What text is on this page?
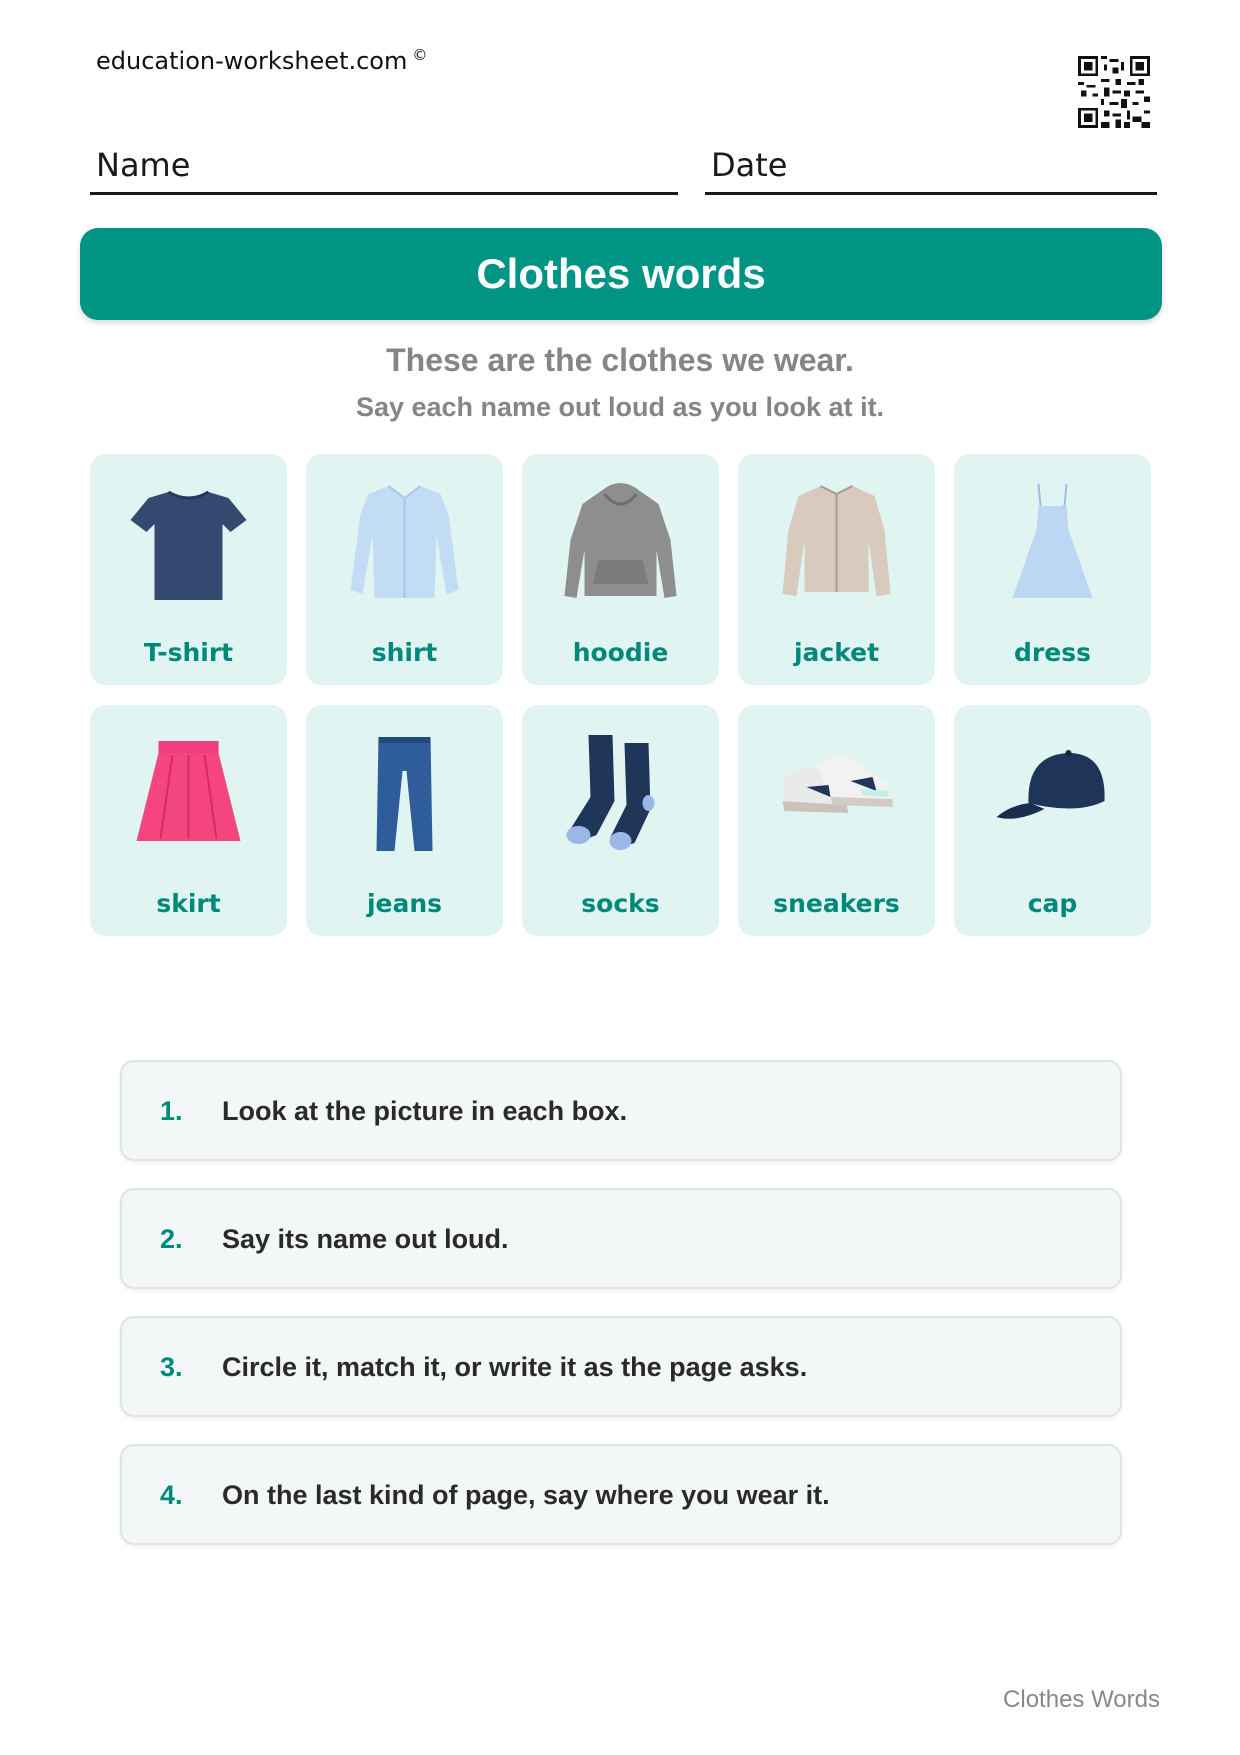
education-worksheet.com ©
Name	Date
Clothes words
These are the clothes we wear.
Say each name out loud as you look at it.
T-shirt	shirt	hoodie	jacket	dress
skirt	jeans	socks	sneakers	cap
1. Look at the picture in each box.
2. Say its name out loud.
3. Circle it, match it, or write it as the page asks.
4. On the last kind of page, say where you wear it.
Clothes Words
